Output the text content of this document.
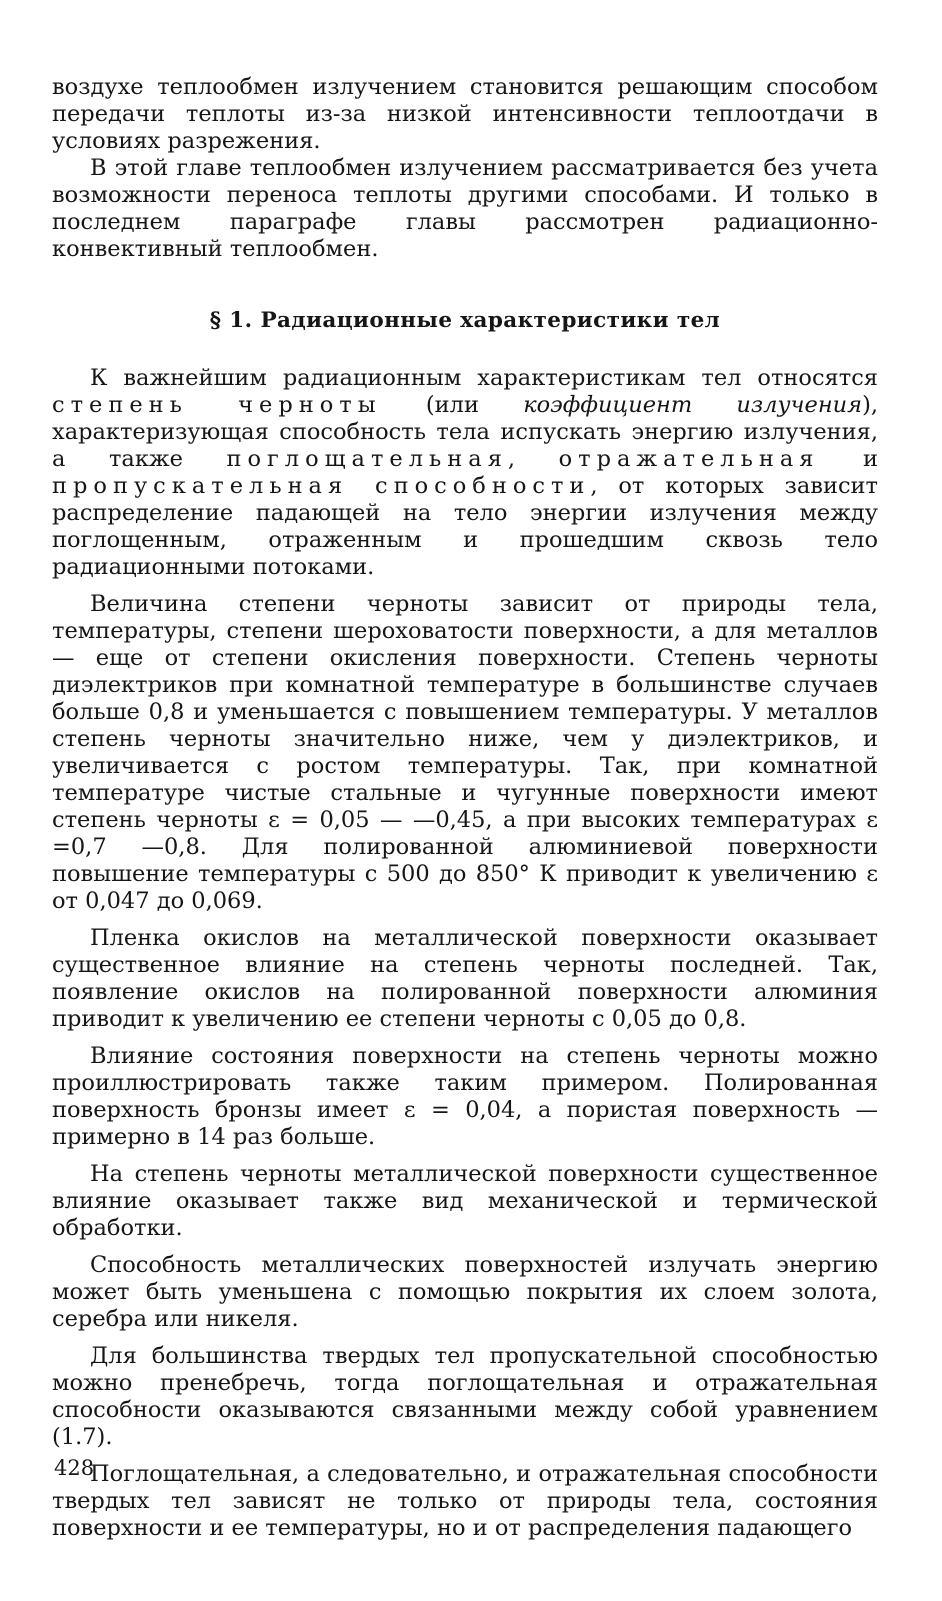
воздухе теплообмен излучением становится решающим способом передачи теплоты из-за низкой интенсивности теплоотдачи в условиях разрежения.

В этой главе теплообмен излучением рассматривается без учета возможности переноса теплоты другими способами. И только в последнем параграфе главы рассмотрен радиационно-конвективный теплообмен.

§ 1. Радиационные характеристики тел

К важнейшим радиационным характеристикам тел относятся степень черноты (или коэффициент излучения), характеризующая способность тела испускать энергию излучения, а также поглощательная, отражательная и пропускательная способности, от которых зависит распределение падающей на тело энергии излучения между поглощенным, отраженным и прошедшим сквозь тело радиационными потоками.

Величина степени черноты зависит от природы тела, температуры, степени шероховатости поверхности, а для металлов — еще от степени окисления поверхности. Степень черноты диэлектриков при комнатной температуре в большинстве случаев больше 0,8 и уменьшается с повышением температуры. У металлов степень черноты значительно ниже, чем у диэлектриков, и увеличивается с ростом температуры. Так, при комнатной температуре чистые стальные и чугунные поверхности имеют степень черноты ε = 0,05 — —0,45, а при высоких температурах ε =0,7 —0,8. Для полированной алюминиевой поверхности повышение температуры с 500 до 850° К приводит к увеличению ε от 0,047 до 0,069.

Пленка окислов на металлической поверхности оказывает существенное влияние на степень черноты последней. Так, появление окислов на полированной поверхности алюминия приводит к увеличению ее степени черноты с 0,05 до 0,8.

Влияние состояния поверхности на степень черноты можно проиллюстрировать также таким примером. Полированная поверхность бронзы имеет ε = 0,04, а пористая поверхность — примерно в 14 раз больше.

На степень черноты металлической поверхности существенное влияние оказывает также вид механической и термической обработки.

Способность металлических поверхностей излучать энергию может быть уменьшена с помощью покрытия их слоем золота, серебра или никеля.

Для большинства твердых тел пропускательной способностью можно пренебречь, тогда поглощательная и отражательная способности оказываются связанными между собой уравнением (1.7).

Поглощательная, а следовательно, и отражательная способности твердых тел зависят не только от природы тела, состояния поверхности и ее температуры, но и от распределения падающего

428
